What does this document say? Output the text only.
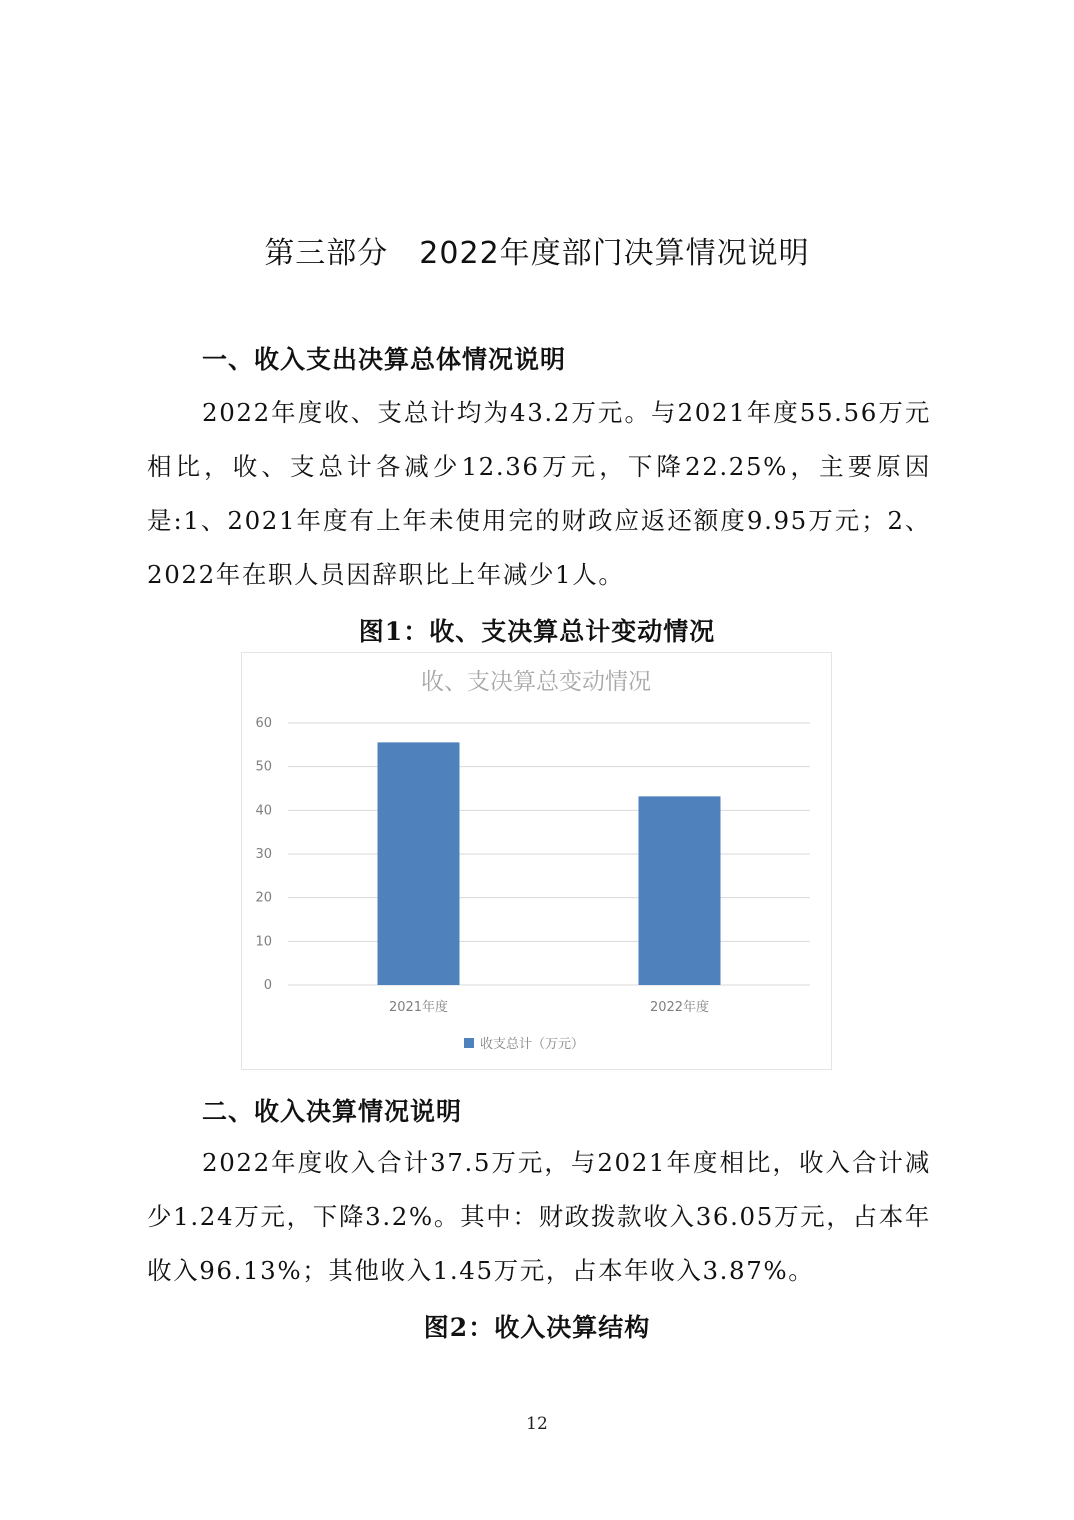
第三部分　2022年度部门决算情况说明
一、收入支出决算总体情况说明

2022年度收、支总计均为43.2万元。与2021年度55.56万元相比，收、支总计各减少12.36万元，下降22.25%，主要原因是:1、2021年度有上年未使用完的财政应返还额度9.95万元；2、2022年在职人员因辞职比上年减少1人。

图1：收、支决算总计变动情况
收、支决算总变动情况
0
10
20
30
40
50
60
2021年度	2022年度
收支总计（万元）
二、收入决算情况说明

2022年度收入合计37.5万元，与2021年度相比，收入合计减少1.24万元，下降3.2%。其中：财政拨款收入36.05万元，占本年收入96.13%；其他收入1.45万元，占本年收入3.87%。

图2：收入决算结构
12
